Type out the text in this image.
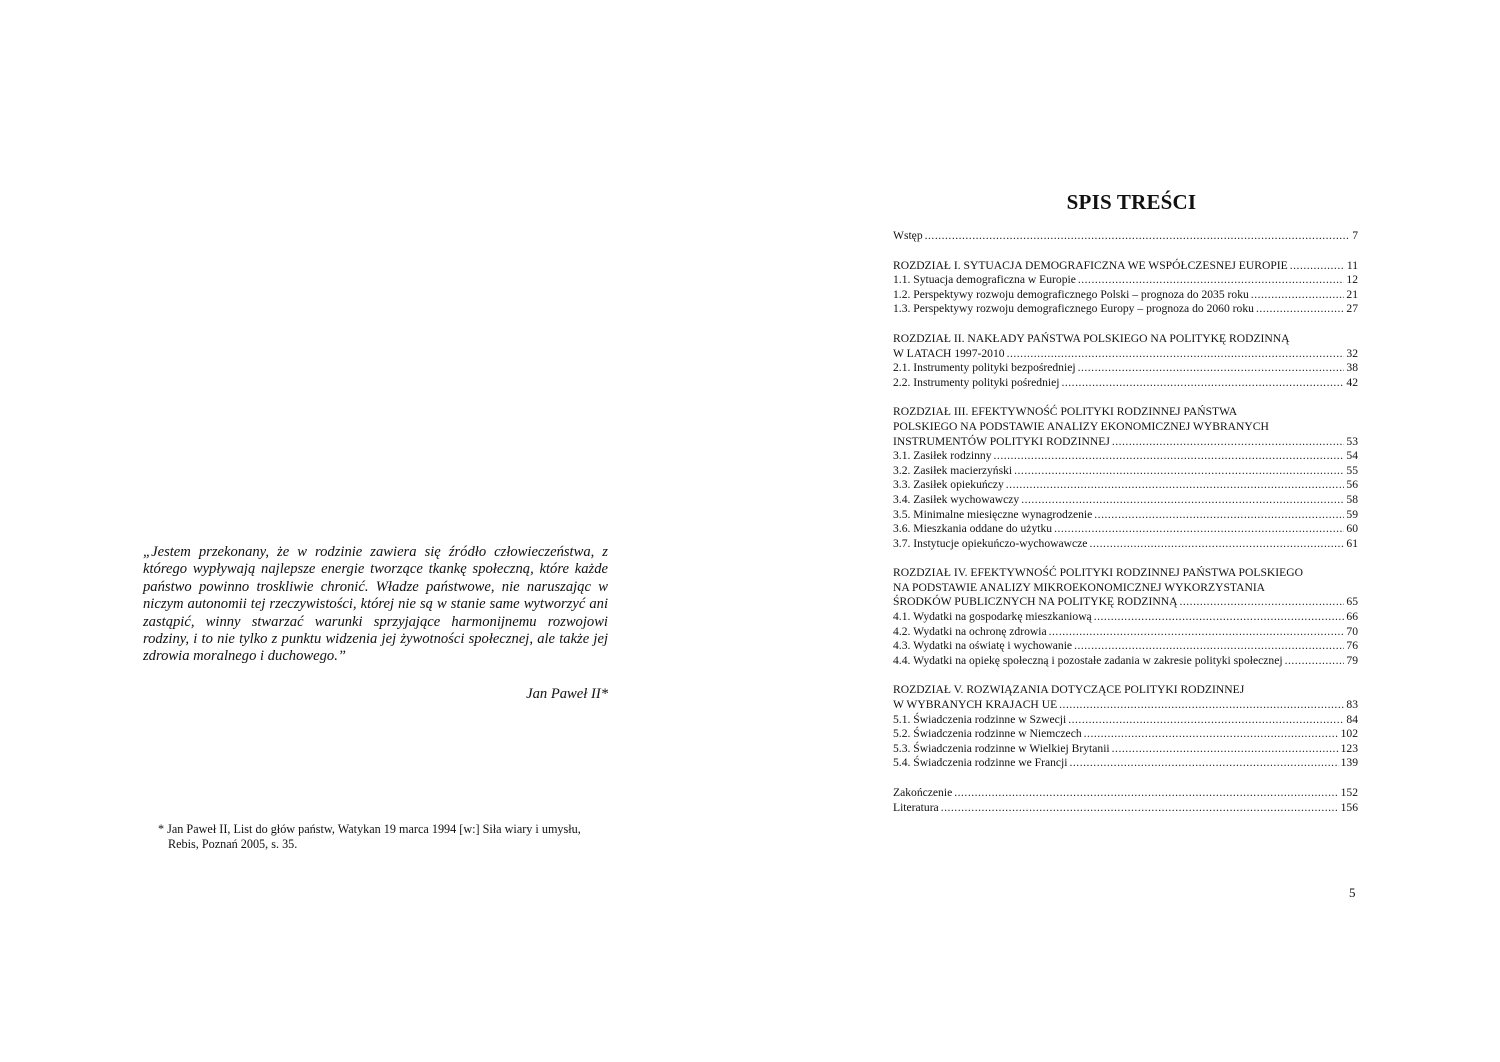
„Jestem przekonany, że w rodzinie zawiera się źródło człowieczeństwa, z którego wypływają najlepsze energie tworzące tkankę społeczną, które każde państwo powinno troskliwie chronić. Władze państwowe, nie naruszając w niczym autonomii tej rzeczywistości, której nie są w stanie same wytworzyć ani zastąpić, winny stwarzać warunki sprzyjające harmonijnemu rozwojowi rodziny, i to nie tylko z punktu widzenia jej żywotności społecznej, ale także jej zdrowia moralnego i duchowego.”

Jan Paweł II*
* Jan Paweł II, List do głów państw, Watykan 19 marca 1994 [w:] Siła wiary i umysłu,
Rebis, Poznań 2005, s. 35.
SPIS TREŚCI
Wstęp .....	7
ROZDZIAŁ I. SYTUACJA DEMOGRAFICZNA WE WSPÓŁCZESNEJ EUROPIE .....	11
1.1. Sytuacja demograficzna w Europie .....	12
1.2. Perspektywy rozwoju demograficznego Polski – prognoza do 2035 roku .....	21
1.3. Perspektywy rozwoju demograficznego Europy – prognoza do 2060 roku .....	27
ROZDZIAŁ II. NAKŁADY PAŃSTWA POLSKIEGO NA POLITYKĘ RODZINNĄ
W LATACH 1997-2010 .....	32
2.1. Instrumenty polityki bezpośredniej .....	38
2.2. Instrumenty polityki pośredniej .....	42
ROZDZIAŁ III. EFEKTYWNOŚĆ POLITYKI RODZINNEJ PAŃSTWA
POLSKIEGO NA PODSTAWIE ANALIZY EKONOMICZNEJ WYBRANYCH
INSTRUMENTÓW POLITYKI RODZINNEJ .....	53
3.1. Zasiłek rodzinny .....	54
3.2. Zasiłek macierzyński .....	55
3.3. Zasiłek opiekuńczy .....	56
3.4. Zasiłek wychowawczy .....	58
3.5. Minimalne miesięczne wynagrodzenie .....	59
3.6. Mieszkania oddane do użytku .....	60
3.7. Instytucje opiekuńczo-wychowawcze .....	61
ROZDZIAŁ IV. EFEKTYWNOŚĆ POLITYKI RODZINNEJ PAŃSTWA POLSKIEGO
NA PODSTAWIE ANALIZY MIKROEKONOMICZNEJ WYKORZYSTANIA
ŚRODKÓW PUBLICZNYCH NA POLITYKĘ RODZINNĄ .....	65
4.1. Wydatki na gospodarkę mieszkaniową .....	66
4.2. Wydatki na ochronę zdrowia .....	70
4.3. Wydatki na oświatę i wychowanie .....	76
4.4. Wydatki na opiekę społeczną i pozostałe zadania w zakresie polityki społecznej .....	79
ROZDZIAŁ V. ROZWIĄZANIA DOTYCZĄCE POLITYKI RODZINNEJ
W WYBRANYCH KRAJACH UE .....	83
5.1. Świadczenia rodzinne w Szwecji .....	84
5.2. Świadczenia rodzinne w Niemczech .....	102
5.3. Świadczenia rodzinne w Wielkiej Brytanii .....	123
5.4. Świadczenia rodzinne we Francji .....	139
Zakończenie .....	152
Literatura .....	156
5
